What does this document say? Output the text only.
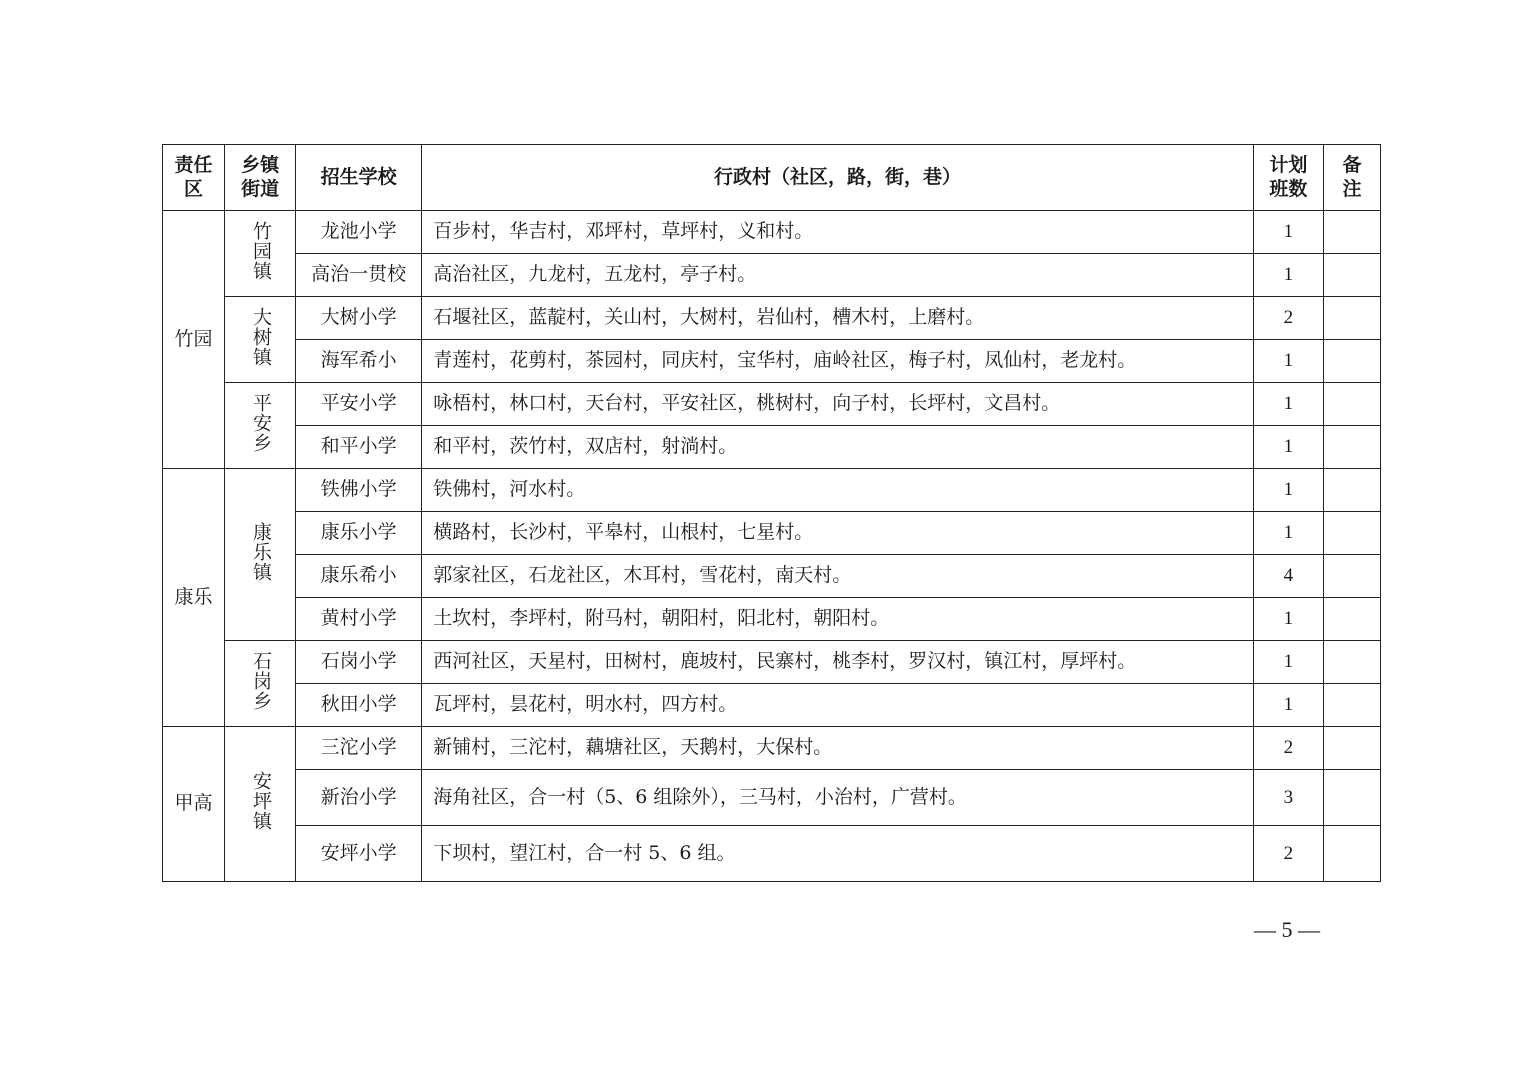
责任区	乡镇街道	招生学校	行政村（社区，路，街，巷）	计划班数	备注
竹园	竹园镇	龙池小学	百步村，华吉村，邓坪村，草坪村，义和村。	1	
		高治一贯校	高治社区，九龙村，五龙村，亭子村。	1	
	大树镇	大树小学	石堰社区，蓝靛村，关山村，大树村，岩仙村，槽木村，上磨村。	2	
		海军希小	青莲村，花剪村，茶园村，同庆村，宝华村，庙岭社区，梅子村，凤仙村，老龙村。	1	
	平安乡	平安小学	咏梧村，林口村，天台村，平安社区，桃树村，向子村，长坪村，文昌村。	1	
		和平小学	和平村，茨竹村，双店村，射淌村。	1	
康乐	康乐镇	铁佛小学	铁佛村，河水村。	1	
		康乐小学	横路村，长沙村，平皋村，山根村，七星村。	1	
		康乐希小	郭家社区，石龙社区，木耳村，雪花村，南天村。	4	
		黄村小学	土坎村，李坪村，附马村，朝阳村，阳北村，朝阳村。	1	
	石岗乡	石岗小学	西河社区，天星村，田树村，鹿坡村，民寨村，桃李村，罗汉村，镇江村，厚坪村。	1	
		秋田小学	瓦坪村，昙花村，明水村，四方村。	1	
甲高	安坪镇	三沱小学	新铺村，三沱村，藕塘社区，天鹅村，大保村。	2	
		新治小学	海角社区，合一村（5、6 组除外），三马村，小治村，广营村。	3	
		安坪小学	下坝村，望江村，合一村 5、6 组。	2	
— 5 —
